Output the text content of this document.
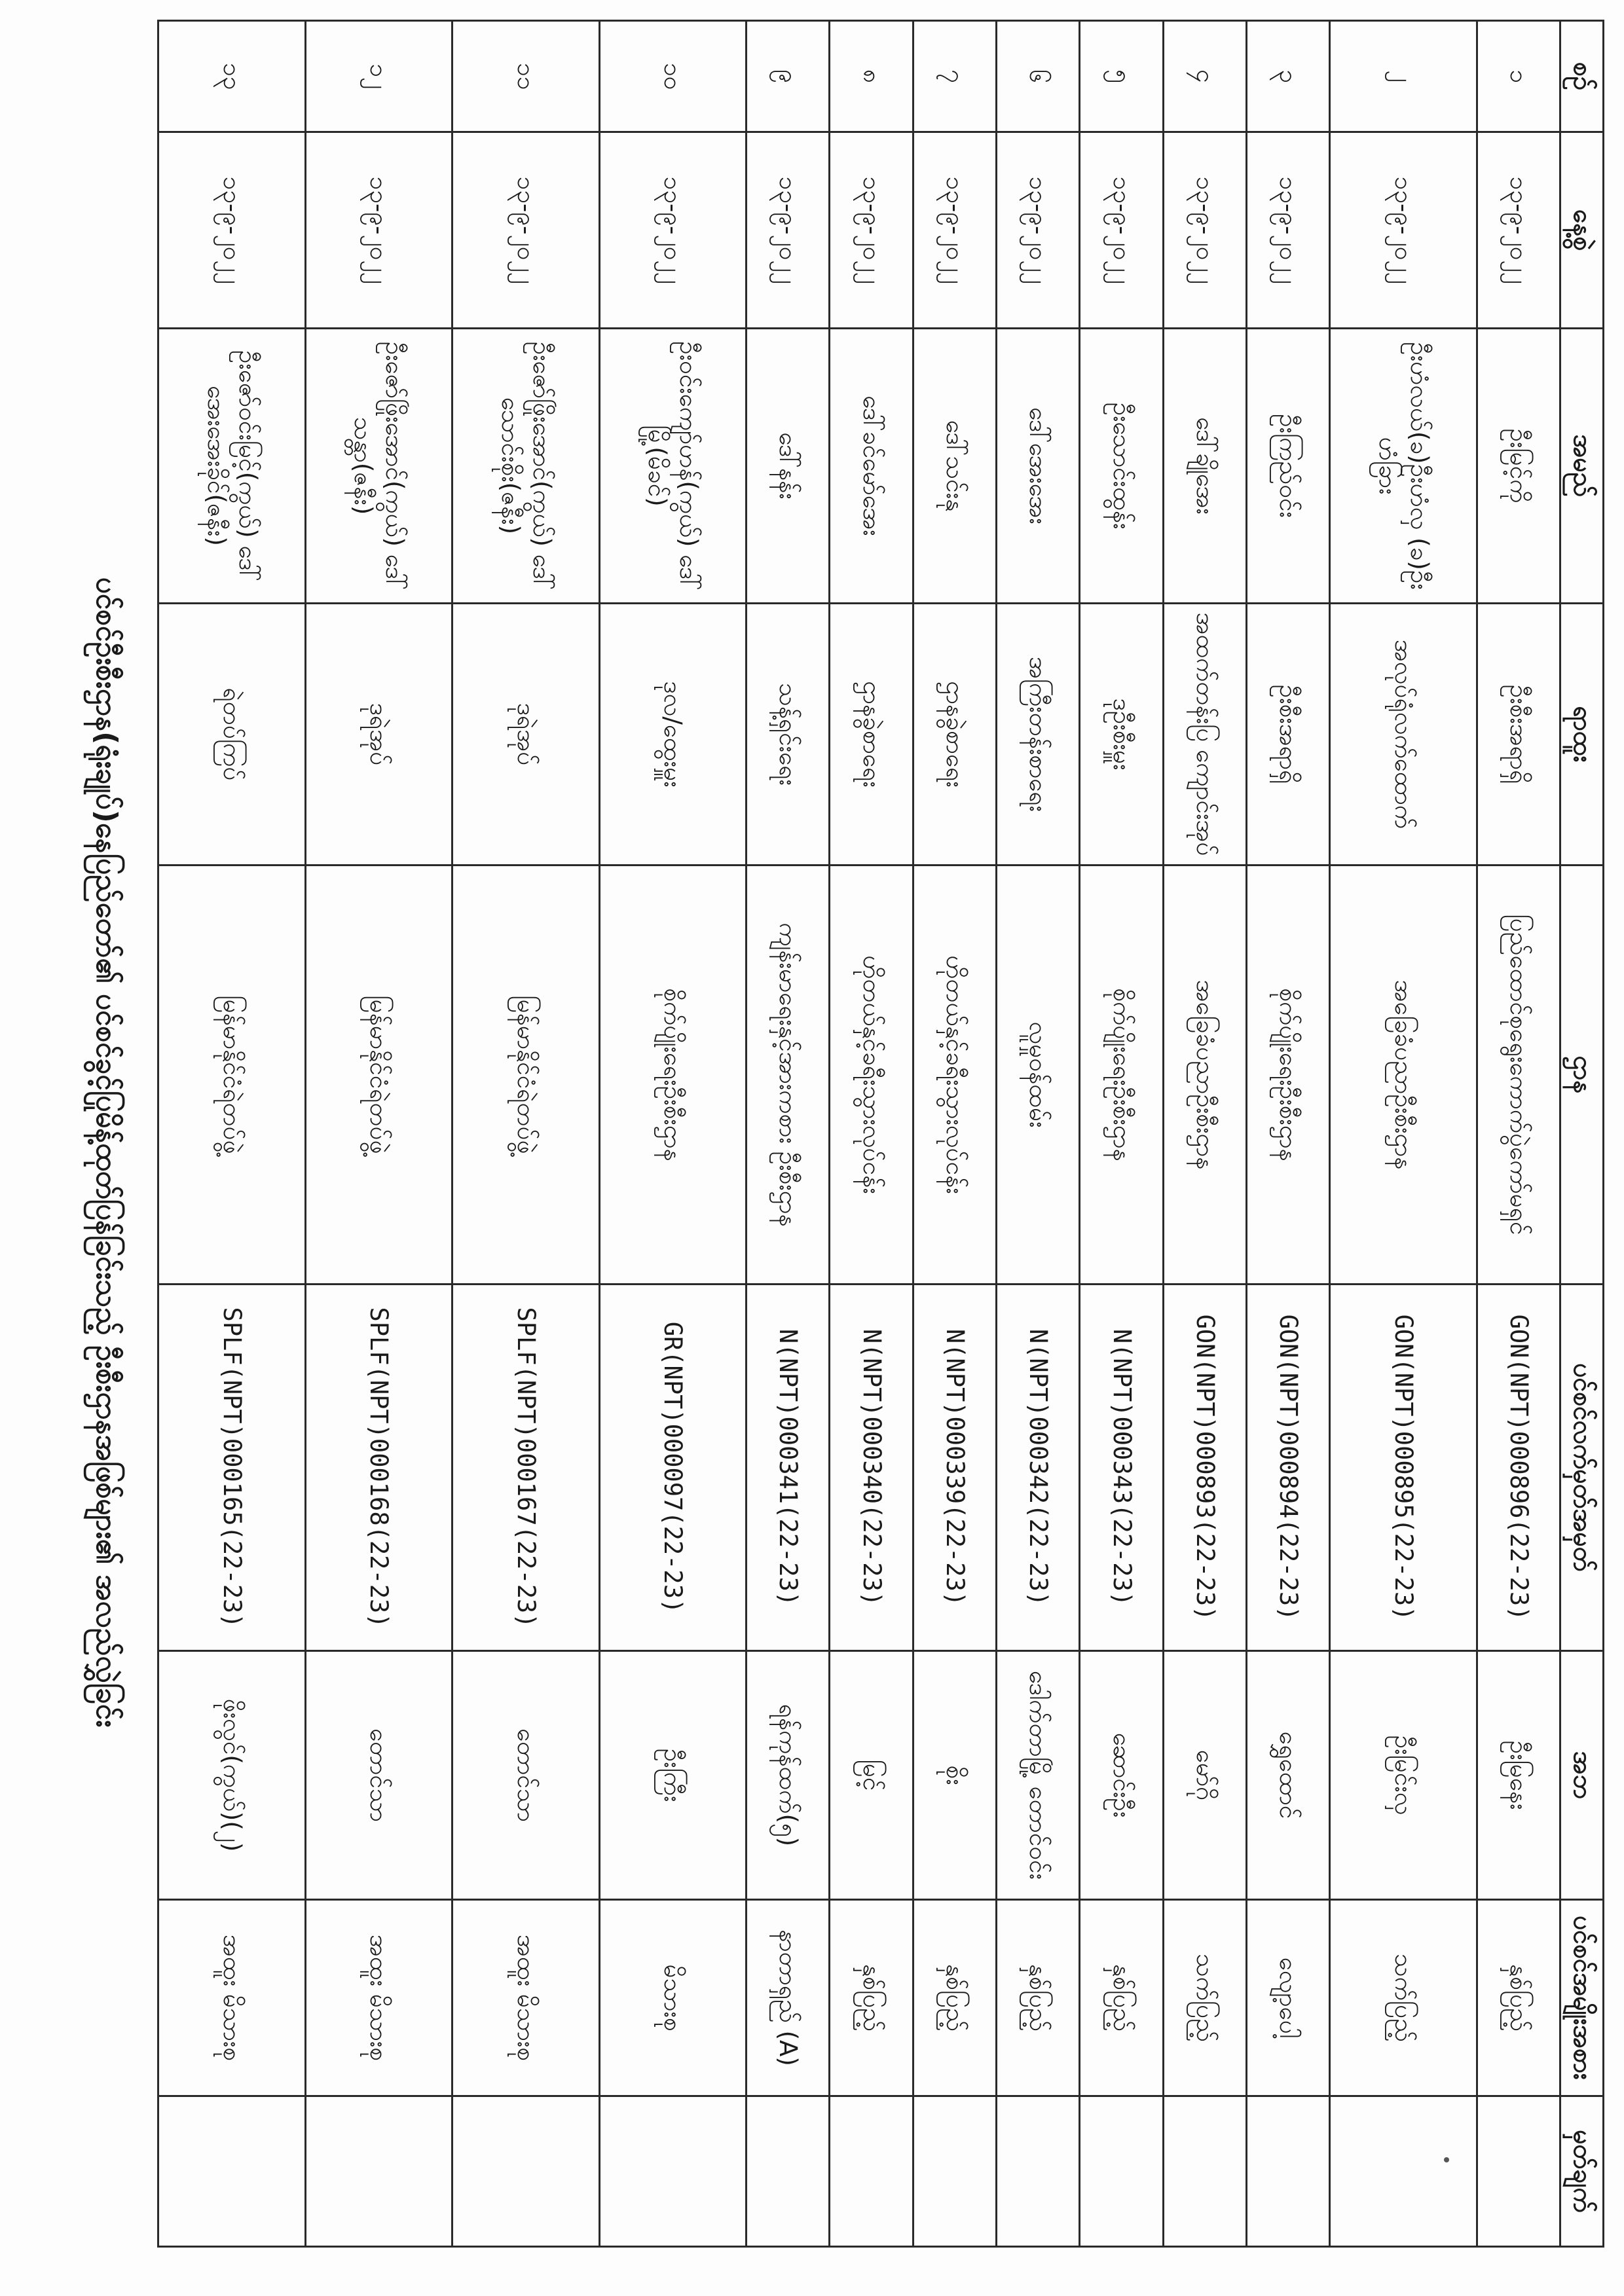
စဉ်	နေ့စွဲ	အမည်	ရာထူး	ဌာန	ပင်စင်လက်မှတ်အမှတ်	အဘ	ပင်စင်အမျိုးအစား	မှတ်ချက်
၁	၁၃-၉-၂၀၂၂	ဦးမြင့်ကို	ဦးစီးအရာရှိ	ပြည်ထောင်စုရွေးကောက်ပွဲကော်မရှင်	GON(NPT)000896(22-23)	ဦးမြနေး	နှစ်ပြည့်	
၂	၁၃-၉-၂၀၂၂	ဦးဟံလယ်(ခ)ဦးဟံလှ (ခ)ဦးဟံခြား	အလုပ်ရုံလက်ထောက်	အခြေခံပညာဦးစီးဌာန	GON(NPT)000895(22-23)	ဦးမြင်းလှ	သက်ပြည့်	
၃	၁၃-၉-၂၀၂၂	ဦးကြည်ဝင်း	ဦးစီးအရာရှိ	စိုက်ပျိုးရေးဦးစီးဌာန	GON(NPT)000894(22-23)	ရွှေထောင်	လျော့ပေါ့	
၄	၁၃-၉-၂၀၂၂	ဒေါ်ချိုအေး	အထက်တန်းပြ ကျောင်းအုပ်	အခြေခံပညာဦးစီးဌာန	GON(NPT)000893(22-23)	မော်ဂို	သက်ပြည့်	
၅	၁၃-၉-၂၀၂၂	ဦးသောင်းထွန်း	ဒုဦးစီးမှူး	စိုက်ပျိုးရေးဦးစီးဌာန	N(NPT)000343(22-23)	ဆောင်းဦး	နှစ်ပြည့်	
၆	၁၃-၉-၂၀၂၂	ဒေါ်အေးအေး	အကြီးတန်းစာရေး	လူမှုဝန်ထမ်း	N(NPT)000342(22-23)	ဒေါက်တာမြို့ တောင်ဝင်း	နှစ်ပြည့်	
၇	၁၃-၉-၂၀၂၂	ဒေါ်သင်းနု	ဌာနခွဲစာရေး	ဟိုတယ်နှင့်ခရီးသွားလုပ်ငန်း	N(NPT)000339(22-23)	စိုး	နှစ်ပြည့်	
၈	၁၃-၉-၂၀၂၂	ဒေါ်ခင်မော်အေး	ဌာနခွဲစာရေး	ဟိုတယ်နှင့်ခရီးသွားလုပ်ငန်း	N(NPT)000340(22-23)	မြင့်	နှစ်ပြည့်	
၉	၁၃-၉-၂၀၂၂	ဒေါ်နန်း	သန့်ရှင်းရေး	ကျန်းမာရေးနှင့်အားကစား ဦးစီးဌာန	N(NPT)000341(22-23)	ရန်ကုန်ထက်(၅)	နာတာရှည် (A)	
၁၀	၁၃-၉-၂၀၂၂	ဦးဝင်းကျော်ဟန်(ကွယ်) ဒေါ်မြို့(မိခင်)	ဒုလ/ထွေးမှူး	စိုက်ပျိုးရေးဦးစီးဌာန	GR(NPT)000097(22-23)	ဦးကြီး	မိသားစု	
၁၁	၁၃-၉-၂၀၂၂	ဦးဇော်ဖြိုးအောင်(ကွယ်) ဒေါ်သောင်းစိုး(ဇနီး)	ဒုရဲအုပ်	မြန်မာနိုင်ငံရဲတပ်ဖွဲ့	SPLF(NPT)000167(22-23)	တောင်သာ	အထူး မိသားစု	
၁၂	၁၃-၉-၂၀၂၂	ဦးဇော်ဖြိုးအောင်(ကွယ်) ဒေါ်သန္တာ(ဇနီး)	ဒုရဲအုပ်	မြန်မာနိုင်ငံရဲတပ်ဖွဲ့	SPLF(NPT)000168(22-23)	တောင်သာ	အထူး မိသားစု	
၁၃	၁၃-၉-၂၀၂၂	ဦးဇော်ဝင်းမြင့်(ကွယ်) ဒေါ်အေးအေးခိုင်(ဇနီး)	ရဲတပ်ကြပ်	မြန်မာနိုင်ငံရဲတပ်ဖွဲ့	SPLF(NPT)000165(22-23)	ဖိုးလွင်(ကွယ်)(၂)	အထူး မိသားစု	
ပင်စင်ဦးစီးဌာန(ရုံးချုပ်)နေပြည်တော်၏ ပင်စင်ခွင့်ပြုမိန့်ထုတ်ပြန်ခြင်းသည့် ဦးစီးဌာနအဖြစ်များ၏ အလည်လွှဲခြင်း
